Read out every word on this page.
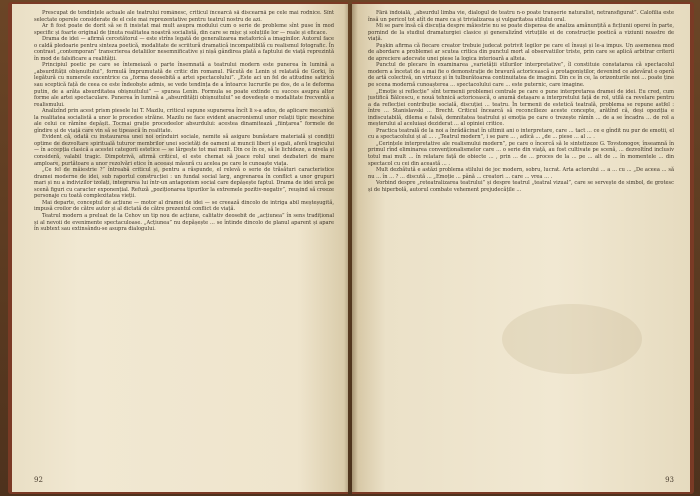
Prescupat de tendințele actuale ale teatrului românesc, criticul încearcă să discearnă pe cele mai rodnice. Sînt selectate operele considerate de el cele mai reprezentative pentru teatrul nostru de azi.

Ar fi fost poate de dorit să se fi insistat mai mult asupra modului cum o serie de probleme sînt puse în mod specific și foarte original de ținuta realitatea noastră socialistă, din care se mișc și soluțiile lor — reale și eficace.

Drama de idei — afirmă cercetătorul — este strîns legată de generalizarea metaforică a imaginilor. Autorul face o caldă pledoarie pentru sinteza poetică, modalitate de scriitură dramatică incompatibilă cu realismul fotografic. În contrast „contemporan” transcrierea detaliilor nesemnificative și nișă gândirea plată a faptului de viață reprezintă în mod de falsificare a realității.

Principiul poetic pe care se întemeiază o parte însemnată a teatrului modern este punerea în lumină a „absurdității obișnuitului”, formulă împrumutată de critic din romanul. Făcută de Lenin și relatată de Gorki, în legătură cu numerele excentrice ca „forma deosebită a artei spectacolului”. „Este aci un fel de atitudine satirică sau sceptică față de ceea ce este îndeobște admis, se vede tendința de a întoarce lucrurile pe dos, de a le deforma putin, de a arăta absurditatea obișnuitului” — spunea Lenin. Formula se poate extinde cu succes asupra altor forme ale artei spectaculare. Punerea în lumină a „absurdității obișnuitului” se dovedește o modalitate frecventă a realismului.

Analizînd prin acest prism piesele lui T. Mazilu, criticul supune supunerea încît li s-a adus, de aplicare mecanică la realitatea socialistă a unor le procedee străine. Mazilu ne face evident anacronismul unor relații tipic meschine ale celui ce rămîne depășit. Tocmai grație procedeelor absurdului: acestea dinamitează „ființarea” formele de gîndire și de viață care vin să se tipească în realitate.

Evident că, odată cu instaurarea unei noi orînduiri sociale, nemite să asigure bunăstare materială și condiții optime de dezvoltare spirituală tuturor membrilor unei societăți de oameni ai muncii liberi și egali, aferă tragicului — în accepția clasică a acestei categorii estetice — se lărgește tot mai mult. Din ce în ce, să le lichideze, a nivela și consideră, valabil tragic. Dimpotrivă, afirmă criticul, el este chemat să joace rolul unei dezbateri de mare amploare, purtătoare a unor rezolvări etice în aceeași măsură cu acelea pe care le cunoaște viața.

„Ce fel de măiestrie ?” întreabă criticul și, pentru a răspunde, el relevă o serie de trăsături caracteristice dramei moderne de idei, sub raportul construcției : un fundal social larg, angrenarea în conflict a unor grupuri mari și nu a indivizilor izolați, integrarea lui într-un antagonism social care depășește faptul. Drama de idei urcă pe scenă figuri cu caracter exponențial. Refuză „poziționarea tipurilor la extremele pozitiv-negativ”, reușind să creeze personaje cu toată complexitatea vieții.

Mai departe, conceptul de acțiune — motor al dramei de idei — se creează dincolo de intriga abil meșteșugită, impusă croilor de către autor și al dictată de către prezentul conflict de viață.

Teatrul modern a preluat de la Cehov un tip nou de acțiune, calitativ deosebit de „acțiunea” în sens tradițional și al nevoii de evenimente spectaculoase. „Acțiunea” nu depășește ... se întinde dincolo de planul aparent și apare în subtext sau extinsându-se asupra dialogului.

92

Fără îndoială, „absurdul limba vie, dialogul de teatru n-o poate tranșerie naturalist, netransfigurat”. Calofilia este însă un pericol tot atît de mare ca și trivializarea și vulgaritatea stilului oral.

Mi se pare însă că discuția despre măiestrie nu se poate dispensa de analiza amănunțită a ficțiunii operei în parte, pornind de la studiul dramaturgiei clasice și generalizînd virtuțiile ei de construcție poetică a viziunii noastre de viață.

Pușkin afirma că fiecare creator trebuie judecat potrivit legilor pe care el însuși și le-a impus. Un asemenea mod de abordare a problemei ar scutea critica din punctul mort al observatiilor triste, prin care se aplică arbitrar criterii de apreciere adecvate unei piese la logica interioară a alteia.

Punctul de plecare în examinarea „varietății stilurilor interpretative”, îl constituie constatarea că spectacolul modern a încetat de a mai fie o demonstrație de bravură actoricească a protagoniștilor, devenind ce adevărat o operă de artă colectivă, un virtuoz și în tulburătoarea continuitatea de imagini. Din ce în ce, la orizonturile noi ... poate ține pe scena modernă cunoașterea ... spectacolului care ... este puternic, care imagine.

„Emoție și reflecție” sînt termenii problemei centrale pe care o pune interpretarea dramei de idei. Eu cred, cum justifică Bălcescu, e nouă tehnică actoricească, o anumă detașare a interpretului față de rol, utilă ca revelare pentru a da reflecției contribuție socială, discuției ... teatru. În termenii de estetică teatrală, problema se repune astfel : între ... Stanislavski ... Brecht. Criticul încearcă să reconcilieze aceste concepte, arătînd că, deși opoziția e indiscutabilă, dilema e falsă, demnitatea teatrului și emoția pe care o trezește rămîn ... de a se încadra ... de rol a meșterului al aceluiași deziderat ... al opiniei critice.

Practica teatrală de la noi a înrădăcinat în ultimii ani o interpretare, care ... tact ... ce e gîndit nu pur de emotii, el cu a spectacolului și al ... . „Teatrul modern”, i se pare ... , adică ... „de ... piese ... al ... .

„Cerințele interpretative ale realismului modern”, pe care o încercă să le sintetizeze G. Tovstonogov, înseamnă în primul rînd eliminarea convenționalismelor care ... o serie din viață, au fost cultivate pe scenă, ... dezvoltînd inclusiv totul mai mult ... în relatare față de obiecte ... , prin ... de ... proces de la ... pe ... alt de ... în momentele ... din spectacol cu cei din această ... .

Mult dezbătută e astăzi problema stilului de joc modern, sobru, lucrat. Arta actorului ... a ... cu ... „De aceea ... să nu ... în ... ? ... discută ... „Emoție ... până ... creatori ... care ... vrea ... .

Vorbind despre „reteatralizarea teatrului” și despre teatrul „teatral vizual”, care se servește de simbol, de grotesc și de hiperbolă, autorul combate vehement prejudecățile ...

93
